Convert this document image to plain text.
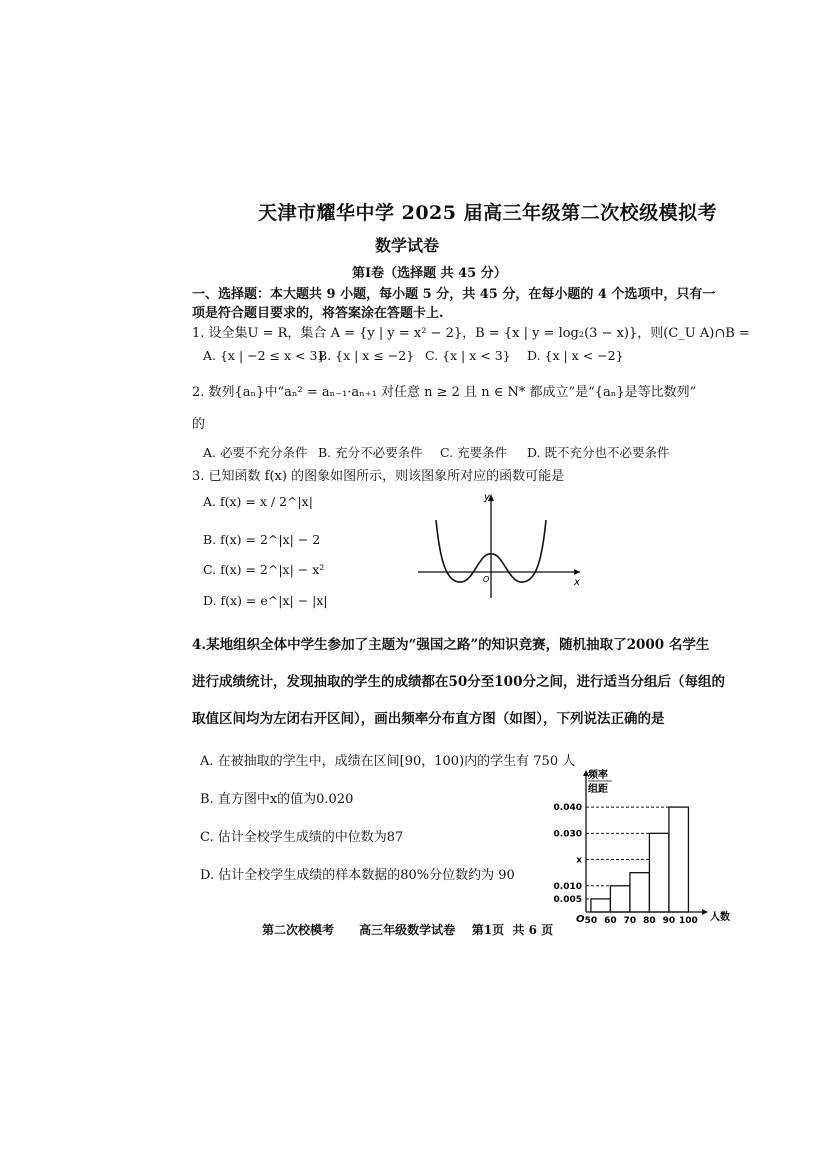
天津市耀华中学 2025 届高三年级第二次校级模拟考
数学试卷
第Ⅰ卷（选择题 共 45 分）
一、选择题：本大题共 9 小题，每小题 5 分，共 45 分，在每小题的 4 个选项中，只有一
项是符合题目要求的，将答案涂在答题卡上.
1. 设全集U = R，集合 A = {y | y = x² − 2}，B = {x | y = log₂(3 − x)}，则(C_U A)∩B =
A. {x | −2 ≤ x < 3}
B. {x | x ≤ −2} C. {x | x < 3} D. {x | x < −2}
2. 数列{aₙ}中“aₙ² = aₙ₋₁·aₙ₊₁ 对任意 n ≥ 2 且 n ∈ N* 都成立”是“{aₙ}是等比数列”
的
A. 必要不充分条件 B. 充分不必要条件 C. 充要条件 D. 既不充分也不必要条件
3. 已知函数 f(x) 的图象如图所示，则该图象所对应的函数可能是
A. f(x) = x / 2^|x|
B. f(x) = 2^|x| − 2
C. f(x) = 2^|x| − x²
D. f(x) = e^|x| − |x|
y
x
O
4.某地组织全体中学生参加了主题为“强国之路”的知识竞赛，随机抽取了2000 名学生
进行成绩统计，发现抽取的学生的成绩都在50分至100分之间，进行适当分组后（每组的
取值区间均为左闭右开区间），画出频率分布直方图（如图），下列说法正确的是
A. 在被抽取的学生中，成绩在区间[90，100)内的学生有 750 人
B. 直方图中x的值为0.020
C. 估计全校学生成绩的中位数为87
D. 估计全校学生成绩的样本数据的80%分位数约为 90
频率
组距
人数
O
0.040
0.030
x
0.010
0.005
50 60 70 80 90 100
第二次校模考      高三年级数学试卷    第1页  共 6 页
